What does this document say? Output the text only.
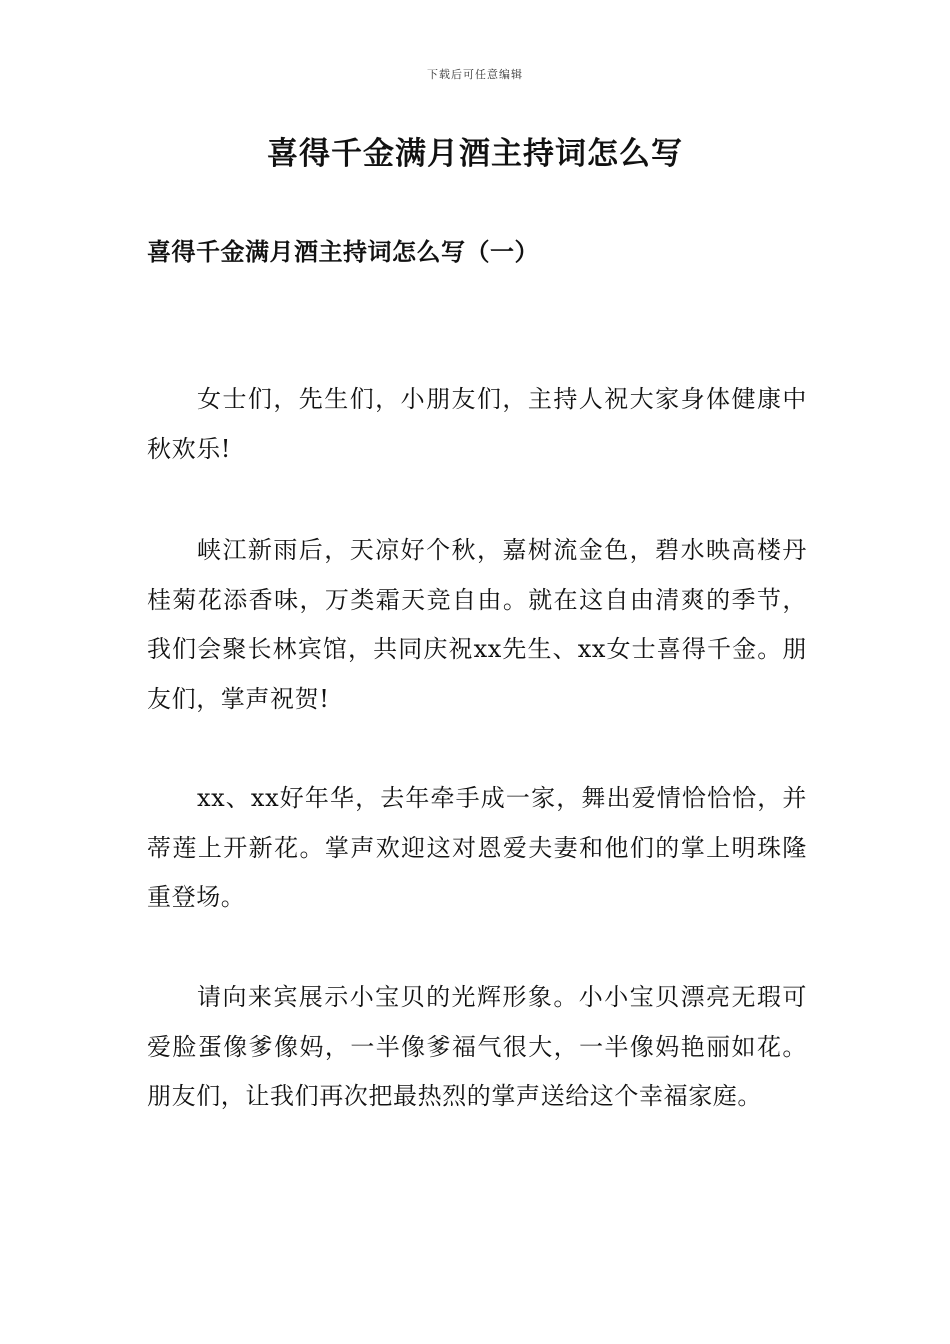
下载后可任意编辑
喜得千金满月酒主持词怎么写
喜得千金满月酒主持词怎么写（一）

女士们，先生们，小朋友们，主持人祝大家身体健康中秋欢乐!

峡江新雨后，天凉好个秋，嘉树流金色，碧水映高楼丹桂菊花添香味，万类霜天竞自由。就在这自由清爽的季节，我们会聚长林宾馆，共同庆祝xx先生、xx女士喜得千金。朋友们，掌声祝贺!

xx、xx好年华，去年牵手成一家，舞出爱情恰恰恰，并蒂莲上开新花。掌声欢迎这对恩爱夫妻和他们的掌上明珠隆重登场。

请向来宾展示小宝贝的光辉形象。小小宝贝漂亮无瑕可爱脸蛋像爹像妈，一半像爹福气很大，一半像妈艳丽如花。朋友们，让我们再次把最热烈的掌声送给这个幸福家庭。
